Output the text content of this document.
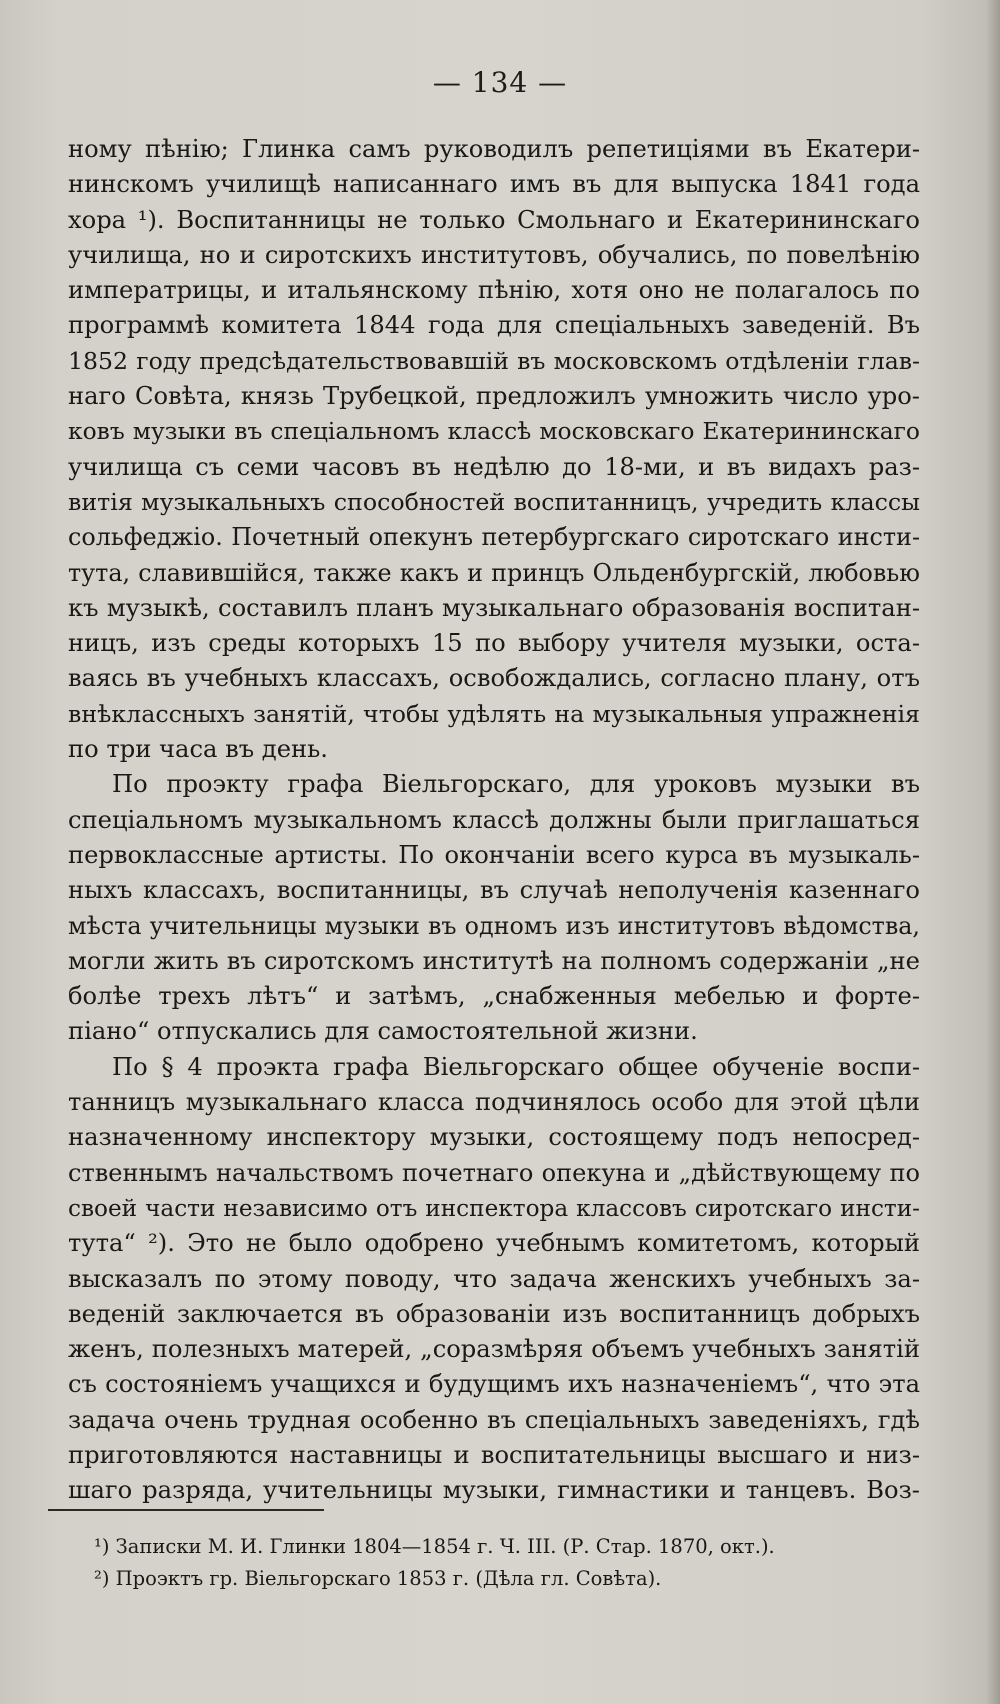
— 134 —
ному пѣнію; Глинка самъ руководилъ репетиціями въ Екатери-
нинскомъ училищѣ написаннаго имъ въ для выпуска 1841 года
хора ¹). Воспитанницы не только Смольнаго и Екатерининскаго
училища, но и сиротскихъ институтовъ, обучались, по повелѣнію
императрицы, и итальянскому пѣнію, хотя оно не полагалось по
программѣ комитета 1844 года для спеціальныхъ заведеній. Въ
1852 году предсѣдательствовавшій въ московскомъ отдѣленіи глав-
наго Совѣта, князь Трубецкой, предложилъ умножить число уро-
ковъ музыки въ спеціальномъ классѣ московскаго Екатерининскаго
училища съ семи часовъ въ недѣлю до 18-ми, и въ видахъ раз-
витія музыкальныхъ способностей воспитанницъ, учредить классы
сольфеджіо. Почетный опекунъ петербургскаго сиротскаго инсти-
тута, славившійся, также какъ и принцъ Ольденбургскій, любовью
къ музыкѣ, составилъ планъ музыкальнаго образованія воспитан-
ницъ, изъ среды которыхъ 15 по выбору учителя музыки, оста-
ваясь въ учебныхъ классахъ, освобождались, согласно плану, отъ
внѣклассныхъ занятій, чтобы удѣлять на музыкальныя упражненія
по три часа въ день.
По проэкту графа Віельгорскаго, для уроковъ музыки въ
спеціальномъ музыкальномъ классѣ должны были приглашаться
первоклассные артисты. По окончаніи всего курса въ музыкаль-
ныхъ классахъ, воспитанницы, въ случаѣ неполученія казеннаго
мѣста учительницы музыки въ одномъ изъ институтовъ вѣдомства,
могли жить въ сиротскомъ институтѣ на полномъ содержаніи „не
болѣе трехъ лѣтъ“ и затѣмъ, „снабженныя мебелью и форте-
піано“ отпускались для самостоятельной жизни.
По § 4 проэкта графа Віельгорскаго общее обученіе воспи-
танницъ музыкальнаго класса подчинялось особо для этой цѣли
назначенному инспектору музыки, состоящему подъ непосред-
ственнымъ начальствомъ почетнаго опекуна и „дѣйствующему по
своей части независимо отъ инспектора классовъ сиротскаго инсти-
тута“ ²). Это не было одобрено учебнымъ комитетомъ, который
высказалъ по этому поводу, что задача женскихъ учебныхъ за-
веденій заключается въ образованіи изъ воспитанницъ добрыхъ
женъ, полезныхъ матерей, „соразмѣряя объемъ учебныхъ занятій
съ состояніемъ учащихся и будущимъ ихъ назначеніемъ“, что эта
задача очень трудная особенно въ спеціальныхъ заведеніяхъ, гдѣ
приготовляются наставницы и воспитательницы высшаго и низ-
шаго разряда, учительницы музыки, гимнастики и танцевъ. Воз-
¹) Записки М. И. Глинки 1804—1854 г. Ч. III. (Р. Стар. 1870, окт.).
²) Проэктъ гр. Віельгорскаго 1853 г. (Дѣла гл. Совѣта).
